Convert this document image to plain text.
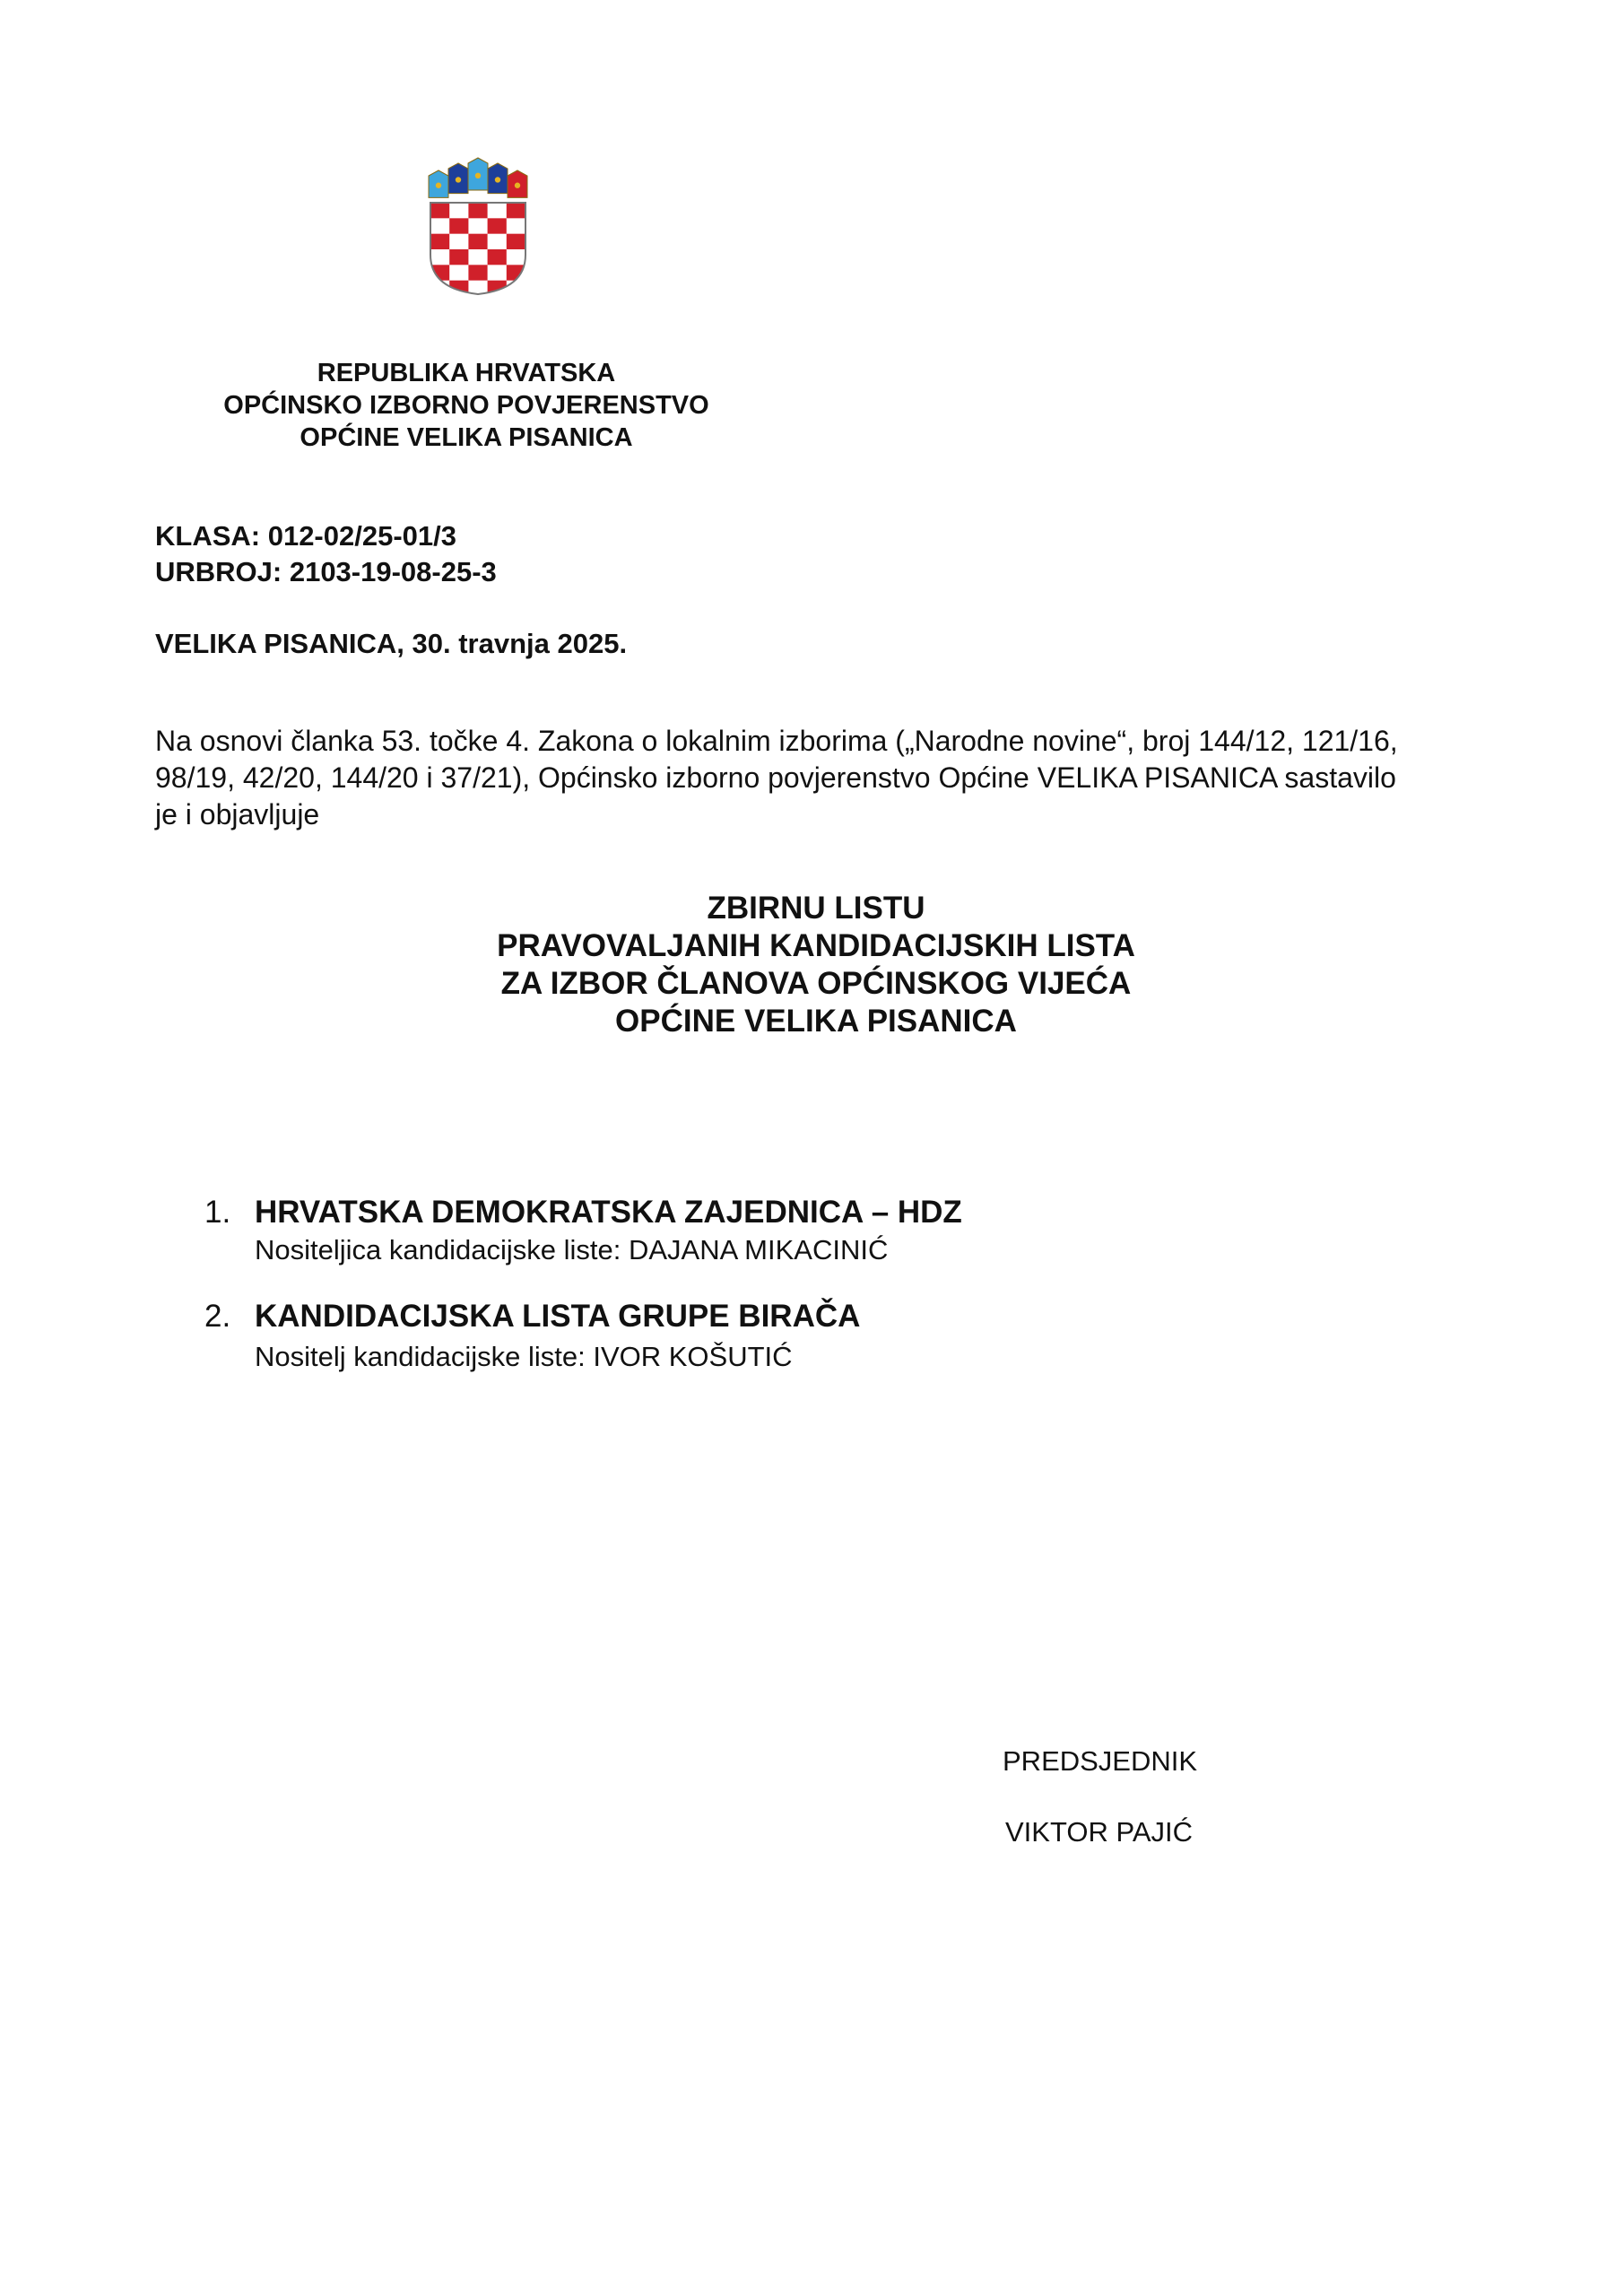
REPUBLIKA HRVATSKA
OPĆINSKO IZBORNO POVJERENSTVO
OPĆINE VELIKA PISANICA
KLASA: 012-02/25-01/3
URBROJ: 2103-19-08-25-3
VELIKA PISANICA, 30. travnja 2025.
Na osnovi članka 53. točke 4. Zakona o lokalnim izborima („Narodne novine“, broj 144/12, 121/16,
98/19, 42/20, 144/20 i 37/21), Općinsko izborno povjerenstvo Općine VELIKA PISANICA sastavilo
je i objavljuje
ZBIRNU LISTU
PRAVOVALJANIH KANDIDACIJSKIH LISTA
ZA IZBOR ČLANOVA OPĆINSKOG VIJEĆA
OPĆINE VELIKA PISANICA
1. HRVATSKA DEMOKRATSKA ZAJEDNICA – HDZ
Nositeljica kandidacijske liste: DAJANA MIKACINIĆ
2. KANDIDACIJSKA LISTA GRUPE BIRAČA
Nositelj kandidacijske liste: IVOR KOŠUTIĆ
PREDSJEDNIK
VIKTOR PAJIĆ
